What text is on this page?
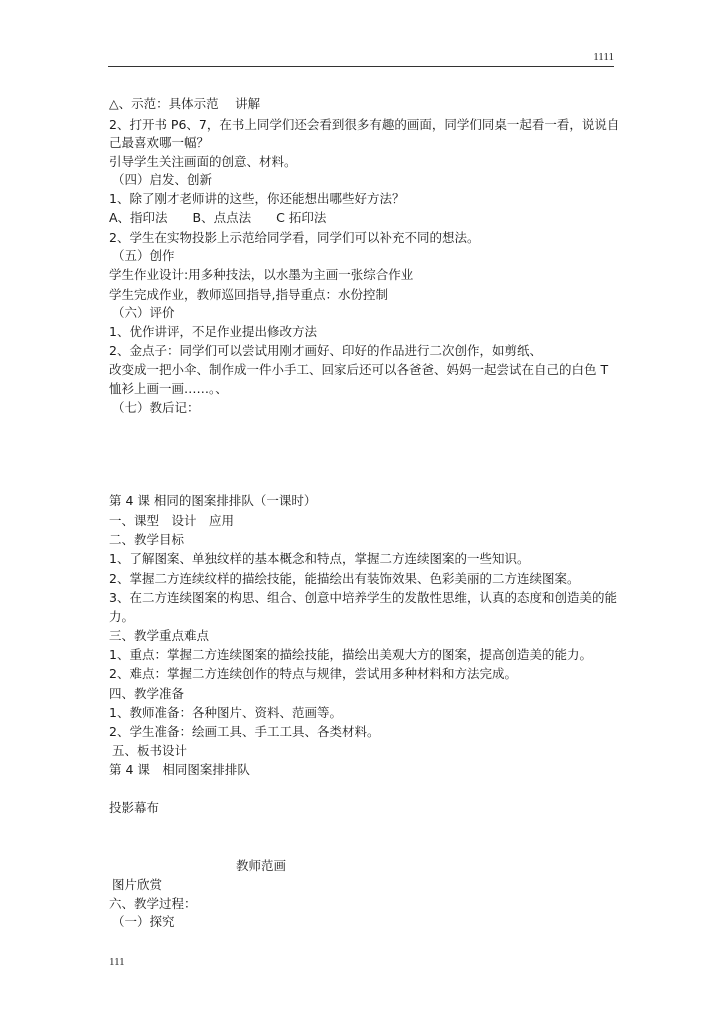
1111
△、示范：具体示范　 讲解
2、打开书 P6、7，在书上同学们还会看到很多有趣的画面，同学们同桌一起看一看，说说自
己最喜欢哪一幅？
引导学生关注画面的创意、材料。
（四）启发、创新
1、除了刚才老师讲的这些，你还能想出哪些好方法？
A、指印法　　B、点点法　　C 拓印法
2、学生在实物投影上示范给同学看，同学们可以补充不同的想法。
（五）创作
学生作业设计:用多种技法，以水墨为主画一张综合作业
学生完成作业，教师巡回指导,指导重点：水份控制
（六）评价
1、优作讲评，不足作业提出修改方法
2、金点子：同学们可以尝试用刚才画好、印好的作品进行二次创作，如剪纸、
改变成一把小伞、制作成一件小手工、回家后还可以各爸爸、妈妈一起尝试在自己的白色 T
恤衫上画一画……。、
（七）教后记：
第 4 课 相同的图案排排队（一课时）
一、课型　设计　应用
二、教学目标
1、了解图案、单独纹样的基本概念和特点，掌握二方连续图案的一些知识。
2、掌握二方连续纹样的描绘技能，能描绘出有装饰效果、色彩美丽的二方连续图案。
3、在二方连续图案的构思、组合、创意中培养学生的发散性思维，认真的态度和创造美的能
力。
三、教学重点难点
1、重点：掌握二方连续图案的描绘技能，描绘出美观大方的图案，提高创造美的能力。
2、难点：掌握二方连续创作的特点与规律，尝试用多种材料和方法完成。
四、教学准备
1、教师准备：各种图片、资料、范画等。
2、学生准备：绘画工具、手工工具、各类材料。
五、板书设计
第 4 课　相同图案排排队
投影幕布
教师范画
图片欣赏
六、教学过程：
（一）探究
111
